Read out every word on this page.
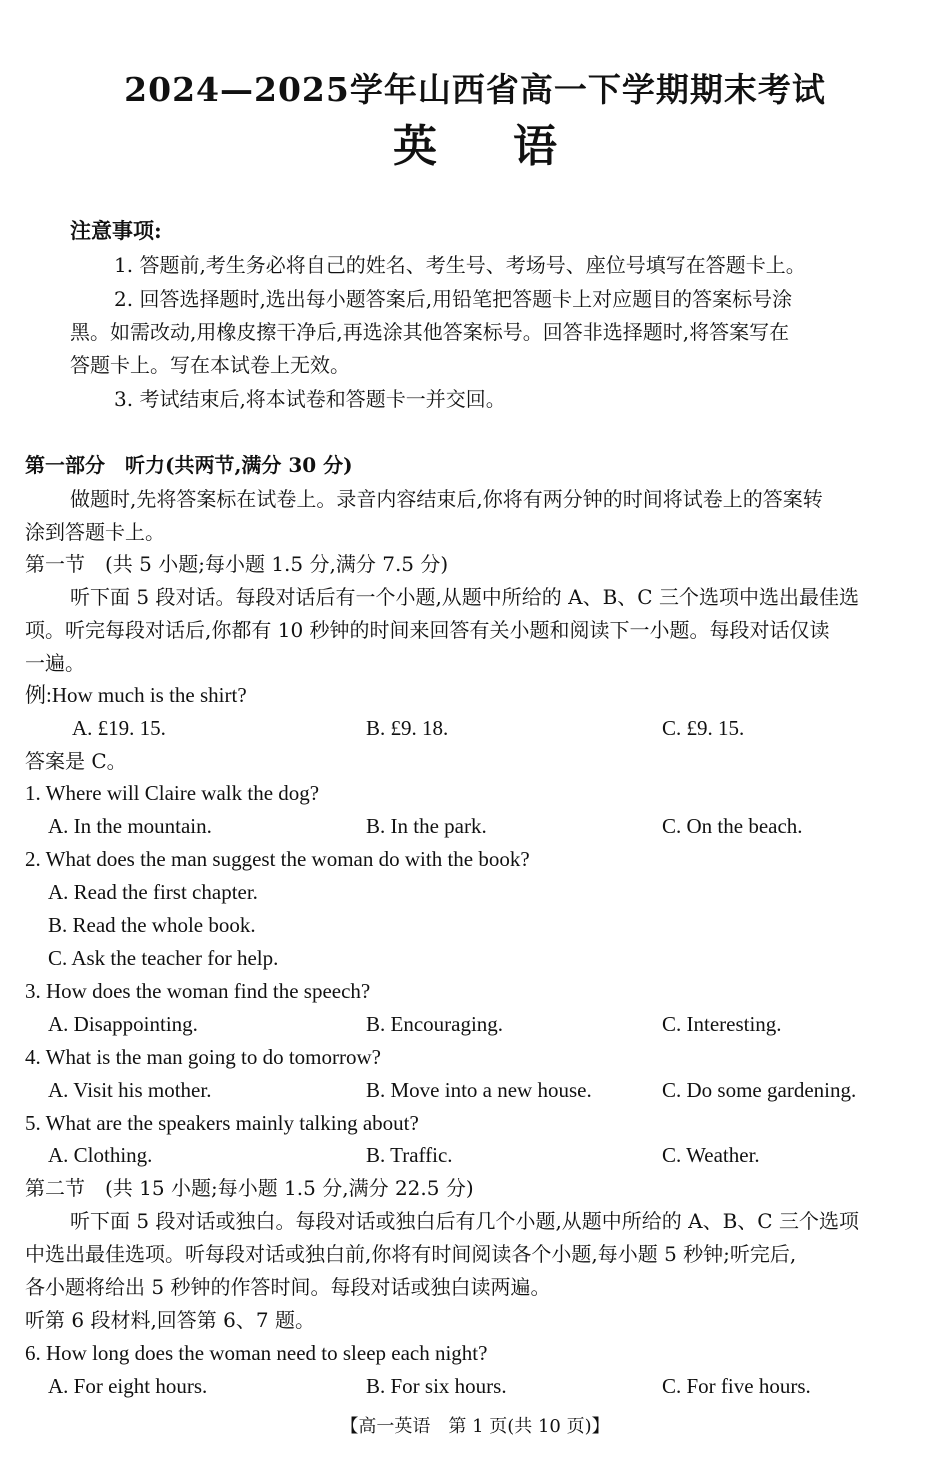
2024—2025学年山西省高一下学期期末考试
英 语
注意事项:
1. 答题前,考生务必将自己的姓名、考生号、考场号、座位号填写在答题卡上。
2. 回答选择题时,选出每小题答案后,用铅笔把答题卡上对应题目的答案标号涂
黑。如需改动,用橡皮擦干净后,再选涂其他答案标号。回答非选择题时,将答案写在
答题卡上。写在本试卷上无效。
3. 考试结束后,将本试卷和答题卡一并交回。
第一部分　听力(共两节,满分 30 分)
做题时,先将答案标在试卷上。录音内容结束后,你将有两分钟的时间将试卷上的答案转
涂到答题卡上。
第一节　(共 5 小题;每小题 1.5 分,满分 7.5 分)
听下面 5 段对话。每段对话后有一个小题,从题中所给的 A、B、C 三个选项中选出最佳选
项。听完每段对话后,你都有 10 秒钟的时间来回答有关小题和阅读下一小题。每段对话仅读
一遍。
例:How much is the shirt?
A. £19. 15.	B. £9. 18.	C. £9. 15.
答案是 C。
1. Where will Claire walk the dog?
A. In the mountain.	B. In the park.	C. On the beach.
2. What does the man suggest the woman do with the book?
A. Read the first chapter.
B. Read the whole book.
C. Ask the teacher for help.
3. How does the woman find the speech?
A. Disappointing.	B. Encouraging.	C. Interesting.
4. What is the man going to do tomorrow?
A. Visit his mother.	B. Move into a new house.	C. Do some gardening.
5. What are the speakers mainly talking about?
A. Clothing.	B. Traffic.	C. Weather.
第二节　(共 15 小题;每小题 1.5 分,满分 22.5 分)
听下面 5 段对话或独白。每段对话或独白后有几个小题,从题中所给的 A、B、C 三个选项
中选出最佳选项。听每段对话或独白前,你将有时间阅读各个小题,每小题 5 秒钟;听完后,
各小题将给出 5 秒钟的作答时间。每段对话或独白读两遍。
听第 6 段材料,回答第 6、7 题。
6. How long does the woman need to sleep each night?
A. For eight hours.	B. For six hours.	C. For five hours.
【高一英语　第 1 页(共 10 页)】
